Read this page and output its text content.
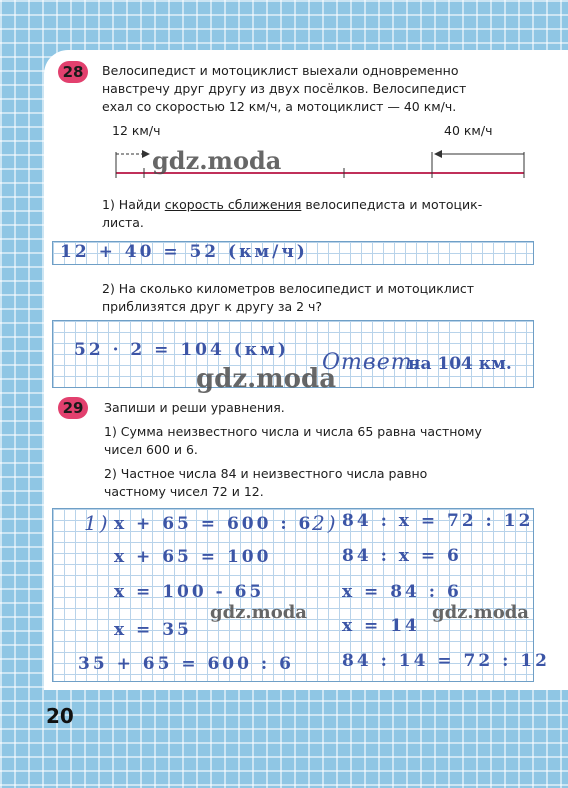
28	Велосипедист и мотоциклист выехали одновременно
навстречу друг другу из двух посёлков. Велосипедист
ехал со скоростью 12 км/ч, а мотоциклист — 40 км/ч.
12 км/ч	40 км/ч
gdz.moda
1) Найди скорость сближения велосипедиста и мотоцик-
листа.
12 + 40 = 52 (км/ч)
2) На сколько километров велосипедист и мотоциклист
приблизятся друг к другу за 2 ч?
52 · 2 = 104 (км) Ответ:
на 104 км.
gdz.moda
29	Запиши и реши уравнения.
1) Сумма неизвестного числа и числа 65 равна частному
чисел 600 и 6.
2) Частное числа 84 и неизвестного числа равно
частному чисел 72 и 12.
1) x + 65 = 600 : 6
x + 65 = 100
x = 100 - 65
x = 35
35 + 65 = 600 : 6
2) 84 : x = 72 : 12
84 : x = 6
x = 84 : 6
x = 14
84 : 14 = 72 : 12
gdz.moda	gdz.moda
20
